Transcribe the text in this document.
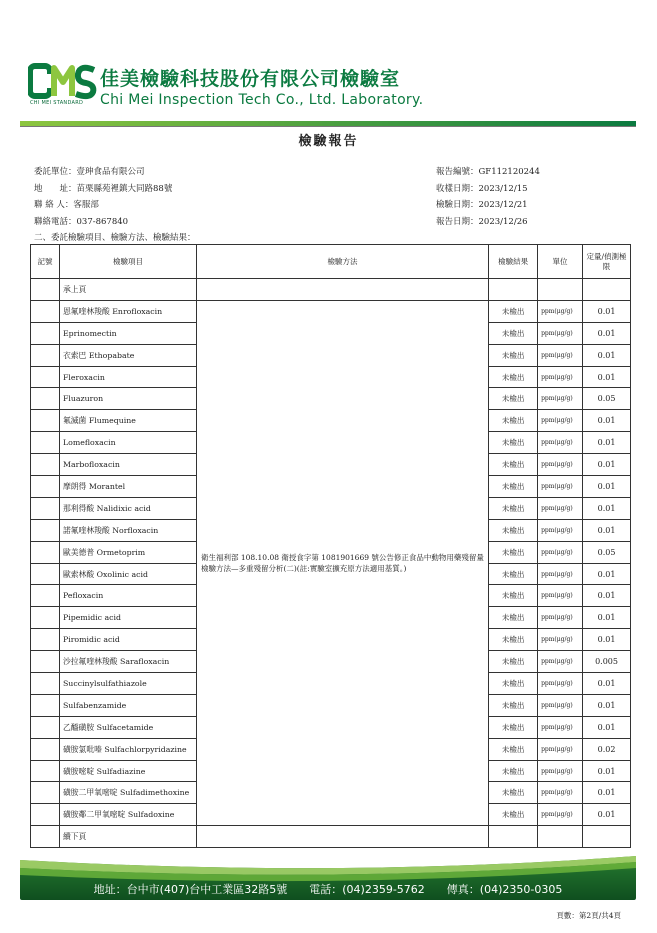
CHI MEI STANDARD
佳美檢驗科技股份有限公司檢驗室
Chi Mei Inspection Tech Co., Ltd. Laboratory.
檢驗報告
委託單位：壹珅食品有限公司
地　　址：苗栗縣苑裡鎮大同路88號
聯 絡 人：客服部
聯絡電話：037-867840
報告編號：GF112120244
收樣日期：2023/12/15
檢驗日期：2023/12/21
報告日期：2023/12/26
二、委託檢驗項目、檢驗方法、檢驗結果：
記號	檢驗項目	檢驗方法	檢驗結果	單位	定量/偵測極限
	承上頁				
	恩氟喹林羧酸 Enrofloxacin	衛生福利部 108.10.08 衛授食字第 1081901669 號公告修正食品中動物用藥殘留量檢驗方法—多重殘留分析(二)(註:實驗室擴充原方法適用基質。)	未檢出	ppm(μg/g)	0.01
	Eprinomectin		未檢出	ppm(μg/g)	0.01
	衣索巴 Ethopabate		未檢出	ppm(μg/g)	0.01
	Fleroxacin		未檢出	ppm(μg/g)	0.01
	Fluazuron		未檢出	ppm(μg/g)	0.05
	氟滅菌 Flumequine		未檢出	ppm(μg/g)	0.01
	Lomefloxacin		未檢出	ppm(μg/g)	0.01
	Marbofloxacin		未檢出	ppm(μg/g)	0.01
	摩朗得 Morantel		未檢出	ppm(μg/g)	0.01
	那利得酸 Nalidixic acid		未檢出	ppm(μg/g)	0.01
	諾氟喹林羧酸 Norfloxacin		未檢出	ppm(μg/g)	0.01
	歐美德普 Ormetoprim		未檢出	ppm(μg/g)	0.05
	歐索林酸 Oxolinic acid		未檢出	ppm(μg/g)	0.01
	Pefloxacin		未檢出	ppm(μg/g)	0.01
	Pipemidic acid		未檢出	ppm(μg/g)	0.01
	Piromidic acid		未檢出	ppm(μg/g)	0.01
	沙拉氟喹林羧酸 Sarafloxacin		未檢出	ppm(μg/g)	0.005
	Succinylsulfathiazole		未檢出	ppm(μg/g)	0.01
	Sulfabenzamide		未檢出	ppm(μg/g)	0.01
	乙醯磺胺 Sulfacetamide		未檢出	ppm(μg/g)	0.01
	磺胺氯吡嗪 Sulfachlorpyridazine		未檢出	ppm(μg/g)	0.02
	磺胺嘧啶 Sulfadiazine		未檢出	ppm(μg/g)	0.01
	磺胺二甲氧嘧啶 Sulfadimethoxine		未檢出	ppm(μg/g)	0.01
	磺胺鄰二甲氧嘧啶 Sulfadoxine		未檢出	ppm(μg/g)	0.01
	續下頁				
地址：台中市(407)台中工業區32路5號　　電話：(04)2359-5762　　傳真：(04)2350-0305
頁數：第2頁/共4頁
